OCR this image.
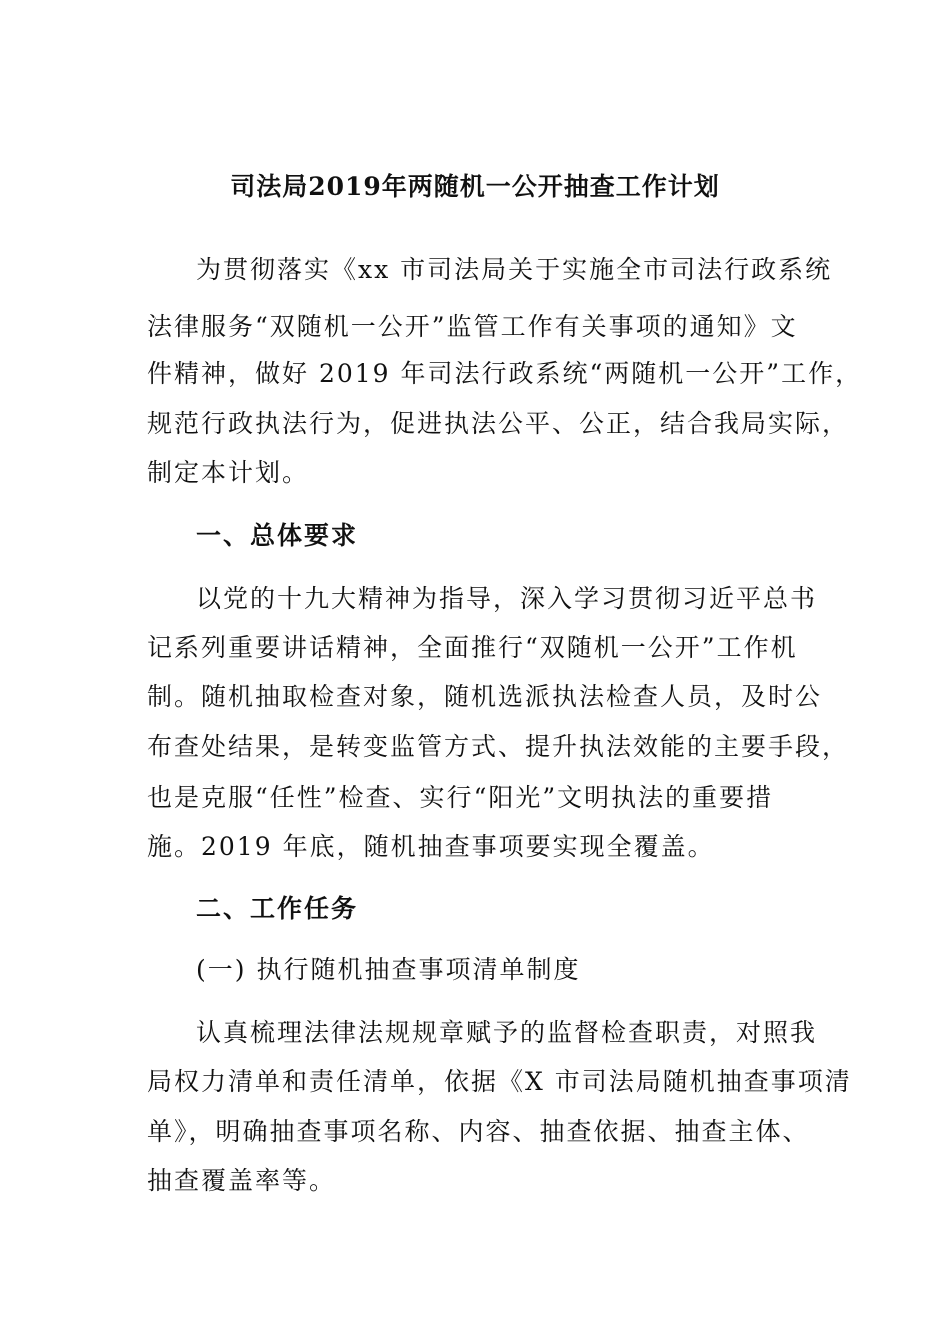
司法局2019年两随机一公开抽查工作计划
为贯彻落实《xx 市司法局关于实施全市司法行政系统
法律服务“双随机一公开”监管工作有关事项的通知》文
件精神，做好 2019 年司法行政系统“两随机一公开”工作，
规范行政执法行为，促进执法公平、公正，结合我局实际，
制定本计划。
一、总体要求
以党的十九大精神为指导，深入学习贯彻习近平总书
记系列重要讲话精神，全面推行“双随机一公开”工作机
制。随机抽取检查对象，随机选派执法检查人员，及时公
布查处结果，是转变监管方式、提升执法效能的主要手段，
也是克服“任性”检查、实行“阳光”文明执法的重要措
施。2019 年底，随机抽查事项要实现全覆盖。
二、工作任务
(一) 执行随机抽查事项清单制度
认真梳理法律法规规章赋予的监督检查职责，对照我
局权力清单和责任清单，依据《X 市司法局随机抽查事项清
单》，明确抽查事项名称、内容、抽查依据、抽查主体、
抽查覆盖率等。
